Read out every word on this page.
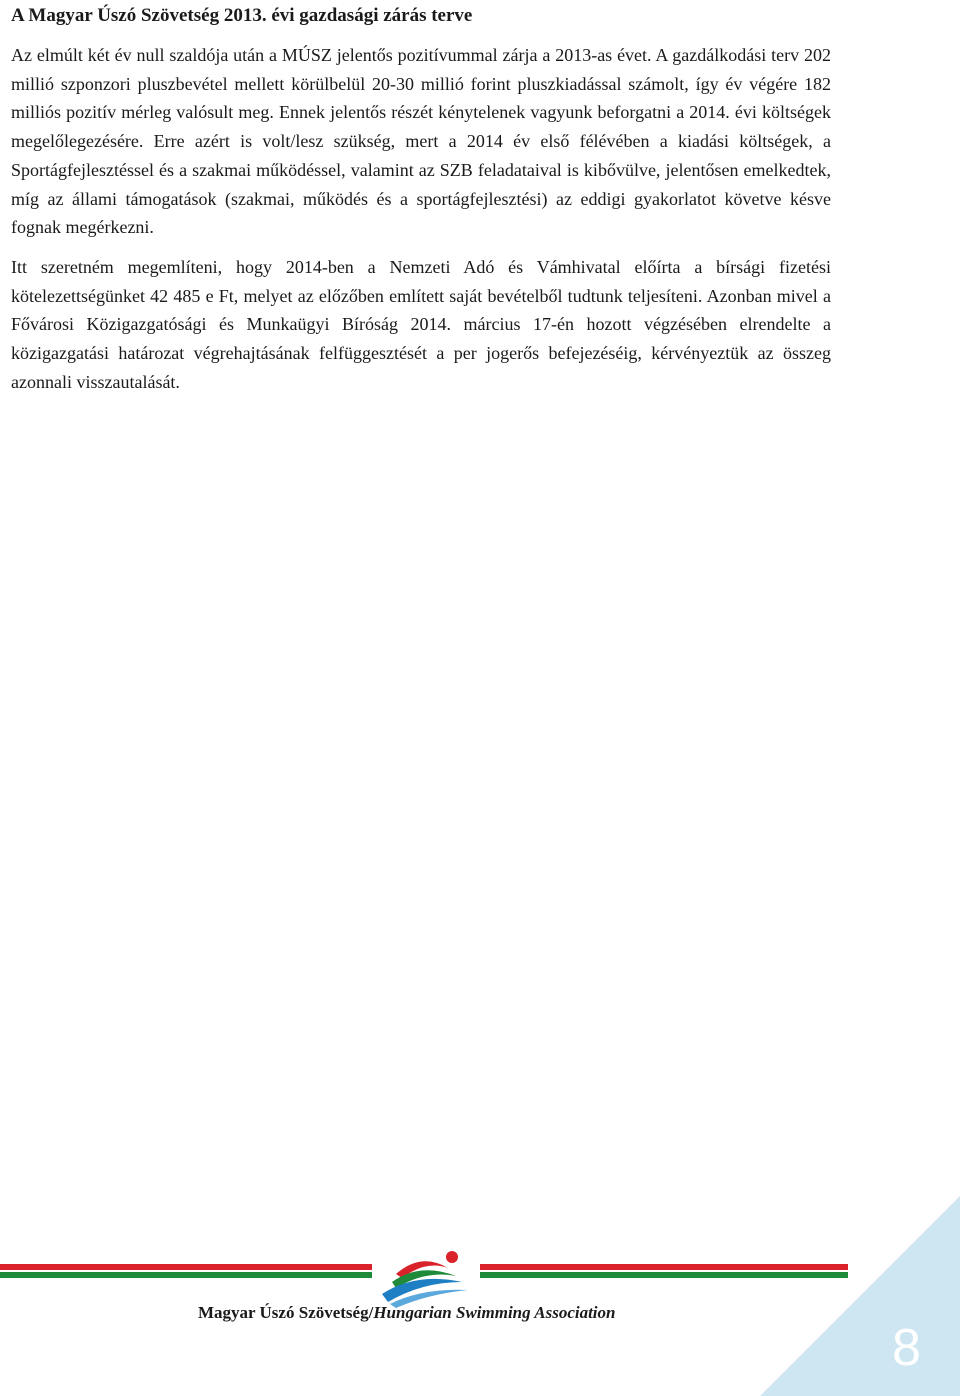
A Magyar Úszó Szövetség 2013. évi gazdasági zárás terve

Az elmúlt két év null szaldója után a MÚSZ jelentős pozitívummal zárja a 2013-as évet. A gazdálkodási terv 202 millió szponzori pluszbevétel mellett körülbelül 20-30 millió forint pluszkiadással számolt, így év végére 182 milliós pozitív mérleg valósult meg. Ennek jelentős részét kénytelenek vagyunk beforgatni a 2014. évi költségek megelőlegezésére. Erre azért is volt/lesz szükség, mert a 2014 év első félévében a kiadási költségek, a Sportágfejlesztéssel és a szakmai működéssel, valamint az SZB feladataival is kibővülve, jelentősen emelkedtek, míg az állami támogatások (szakmai, működés és a sportágfejlesztési) az eddigi gyakorlatot követve késve fognak megérkezni.

Itt szeretném megemlíteni, hogy 2014-ben a Nemzeti Adó és Vámhivatal előírta a bírsági fizetési kötelezettségünket 42 485 e Ft, melyet az előzőben említett saját bevételből tudtunk teljesíteni. Azonban mivel a Fővárosi Közigazgatósági és Munkaügyi Bíróság 2014. március 17-én hozott végzésében elrendelte a közigazgatási határozat végrehajtásának felfüggesztését a per jogerős befejezéséig, kérvényeztük az összeg azonnali visszautalását.

Magyar Úszó Szövetség/Hungarian Swimming Association
8
